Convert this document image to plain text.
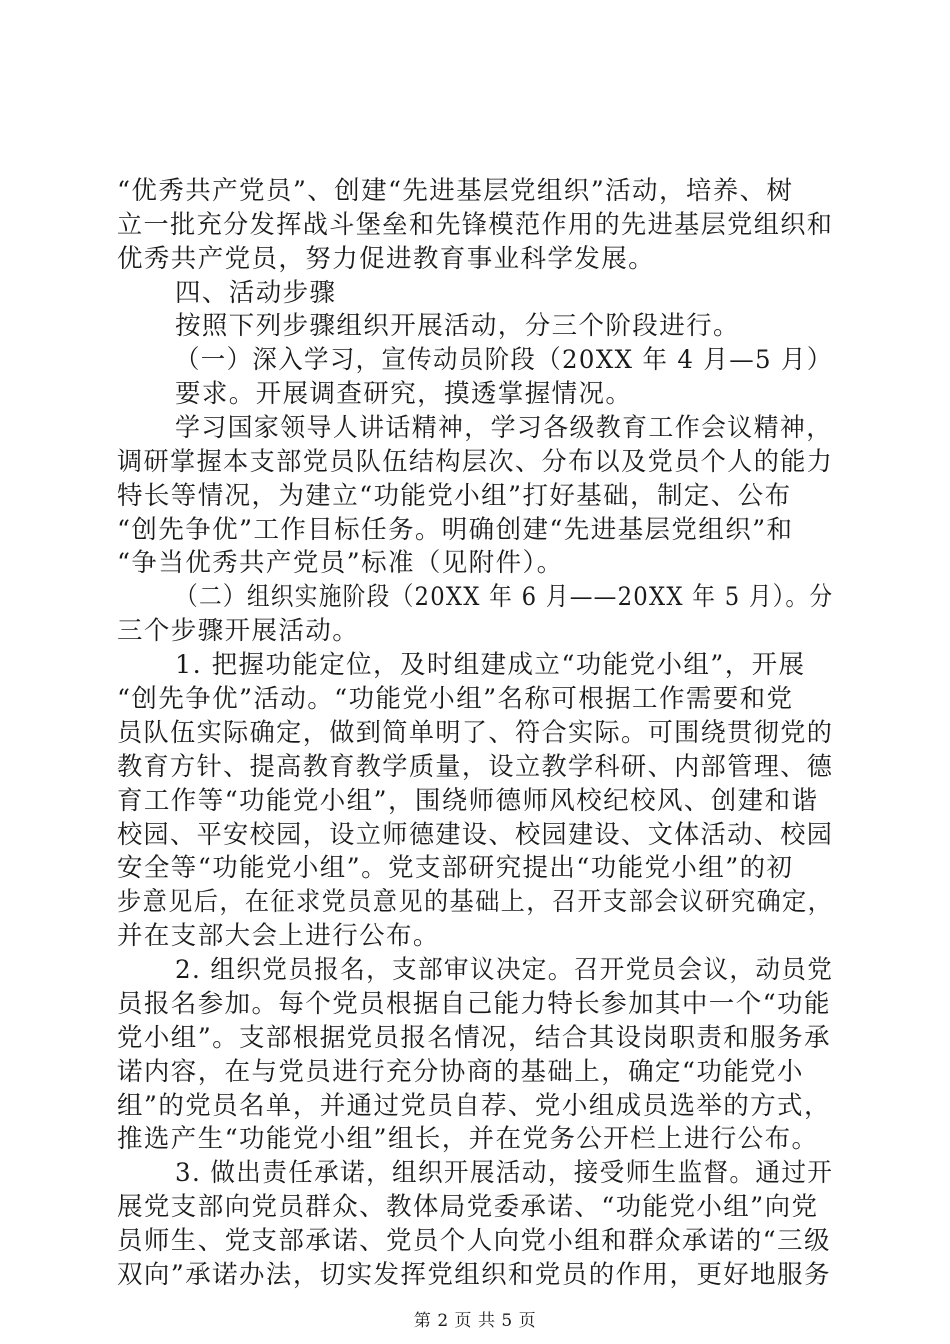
“优秀共产党员”、创建“先进基层党组织”活动，培养、树

立一批充分发挥战斗堡垒和先锋模范作用的先进基层党组织和

优秀共产党员，努力促进教育事业科学发展。

四、活动步骤

按照下列步骤组织开展活动，分三个阶段进行。

（一）深入学习，宣传动员阶段（20XX 年 4 月—5 月）

要求。开展调查研究，摸透掌握情况。

学习国家领导人讲话精神，学习各级教育工作会议精神，

调研掌握本支部党员队伍结构层次、分布以及党员个人的能力

特长等情况，为建立“功能党小组”打好基础，制定、公布

“创先争优”工作目标任务。明确创建“先进基层党组织”和

“争当优秀共产党员”标准（见附件）。

（二）组织实施阶段（20XX 年 6 月——20XX 年 5 月）。分

三个步骤开展活动。

1. 把握功能定位，及时组建成立“功能党小组”，开展

“创先争优”活动。“功能党小组”名称可根据工作需要和党

员队伍实际确定，做到简单明了、符合实际。可围绕贯彻党的

教育方针、提高教育教学质量，设立教学科研、内部管理、德

育工作等“功能党小组”，围绕师德师风校纪校风、创建和谐

校园、平安校园，设立师德建设、校园建设、文体活动、校园

安全等“功能党小组”。党支部研究提出“功能党小组”的初

步意见后，在征求党员意见的基础上，召开支部会议研究确定，

并在支部大会上进行公布。

2. 组织党员报名，支部审议决定。召开党员会议，动员党

员报名参加。每个党员根据自己能力特长参加其中一个“功能

党小组”。支部根据党员报名情况，结合其设岗职责和服务承

诺内容，在与党员进行充分协商的基础上，确定“功能党小

组”的党员名单，并通过党员自荐、党小组成员选举的方式，

推选产生“功能党小组”组长，并在党务公开栏上进行公布。

3. 做出责任承诺，组织开展活动，接受师生监督。通过开

展党支部向党员群众、教体局党委承诺、“功能党小组”向党

员师生、党支部承诺、党员个人向党小组和群众承诺的“三级

双向”承诺办法，切实发挥党组织和党员的作用，更好地服务

第 2 页 共 5 页
